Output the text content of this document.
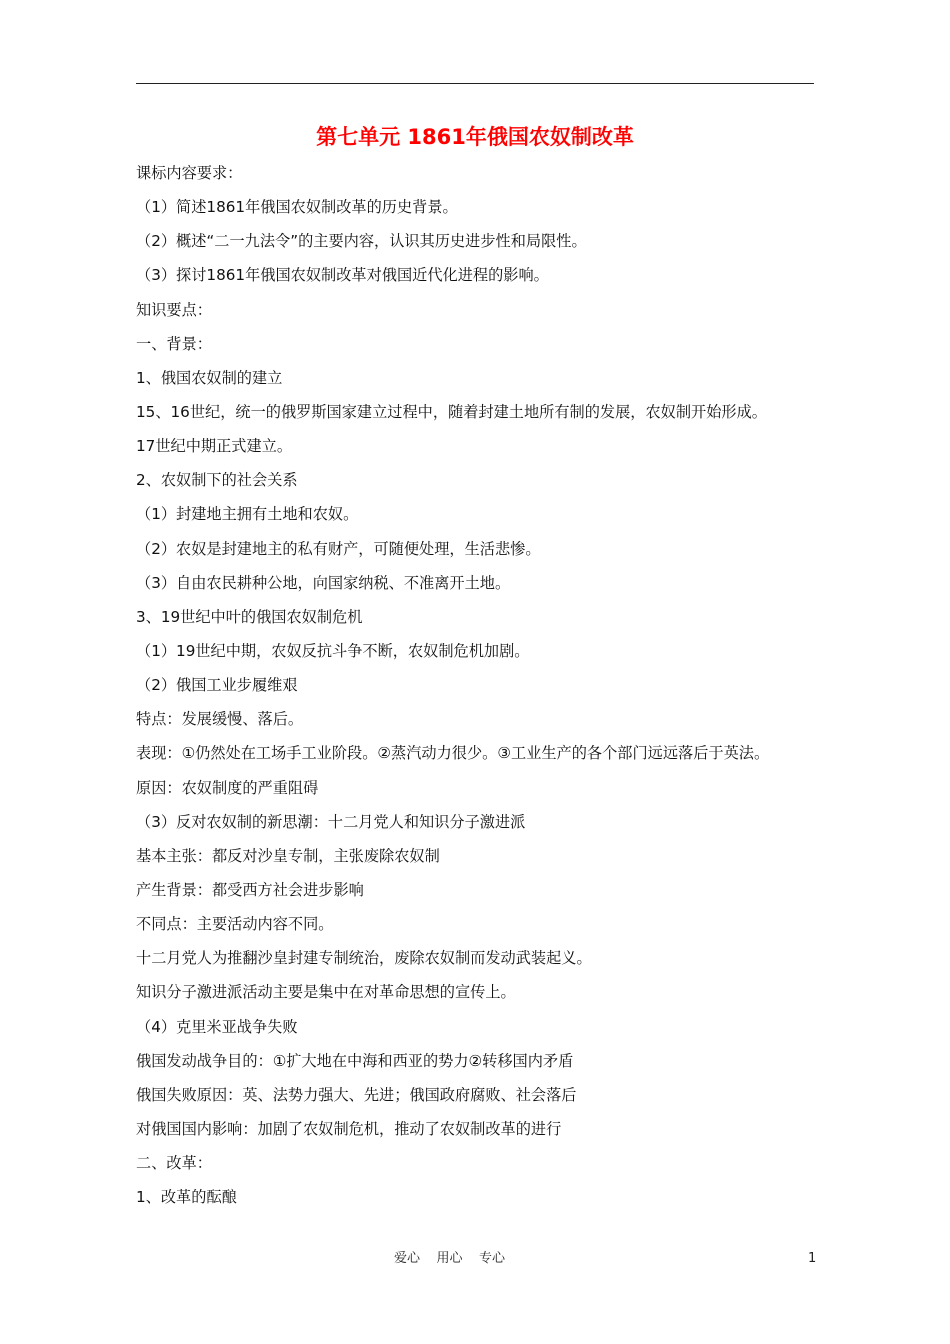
第七单元 1861年俄国农奴制改革
课标内容要求：
（1）简述1861年俄国农奴制改革的历史背景。
（2）概述“二一九法令”的主要内容，认识其历史进步性和局限性。
（3）探讨1861年俄国农奴制改革对俄国近代化进程的影响。
知识要点：
一、背景：
1、俄国农奴制的建立
15、16世纪，统一的俄罗斯国家建立过程中，随着封建土地所有制的发展，农奴制开始形成。
17世纪中期正式建立。
2、农奴制下的社会关系
（1）封建地主拥有土地和农奴。
（2）农奴是封建地主的私有财产，可随便处理，生活悲惨。
（3）自由农民耕种公地，向国家纳税、不准离开土地。
3、19世纪中叶的俄国农奴制危机
（1）19世纪中期，农奴反抗斗争不断，农奴制危机加剧。
（2）俄国工业步履维艰
特点：发展缓慢、落后。
表现：①仍然处在工场手工业阶段。②蒸汽动力很少。③工业生产的各个部门远远落后于英法。
原因：农奴制度的严重阻碍
（3）反对农奴制的新思潮：十二月党人和知识分子激进派
基本主张：都反对沙皇专制，主张废除农奴制
产生背景：都受西方社会进步影响
不同点：主要活动内容不同。
十二月党人为推翻沙皇封建专制统治，废除农奴制而发动武装起义。
知识分子激进派活动主要是集中在对革命思想的宣传上。
（4）克里米亚战争失败
俄国发动战争目的：①扩大地在中海和西亚的势力②转移国内矛盾
俄国失败原因：英、法势力强大、先进；俄国政府腐败、社会落后
对俄国国内影响：加剧了农奴制危机，推动了农奴制改革的进行
二、改革：
1、改革的酝酿
爱心    用心    专心	1
